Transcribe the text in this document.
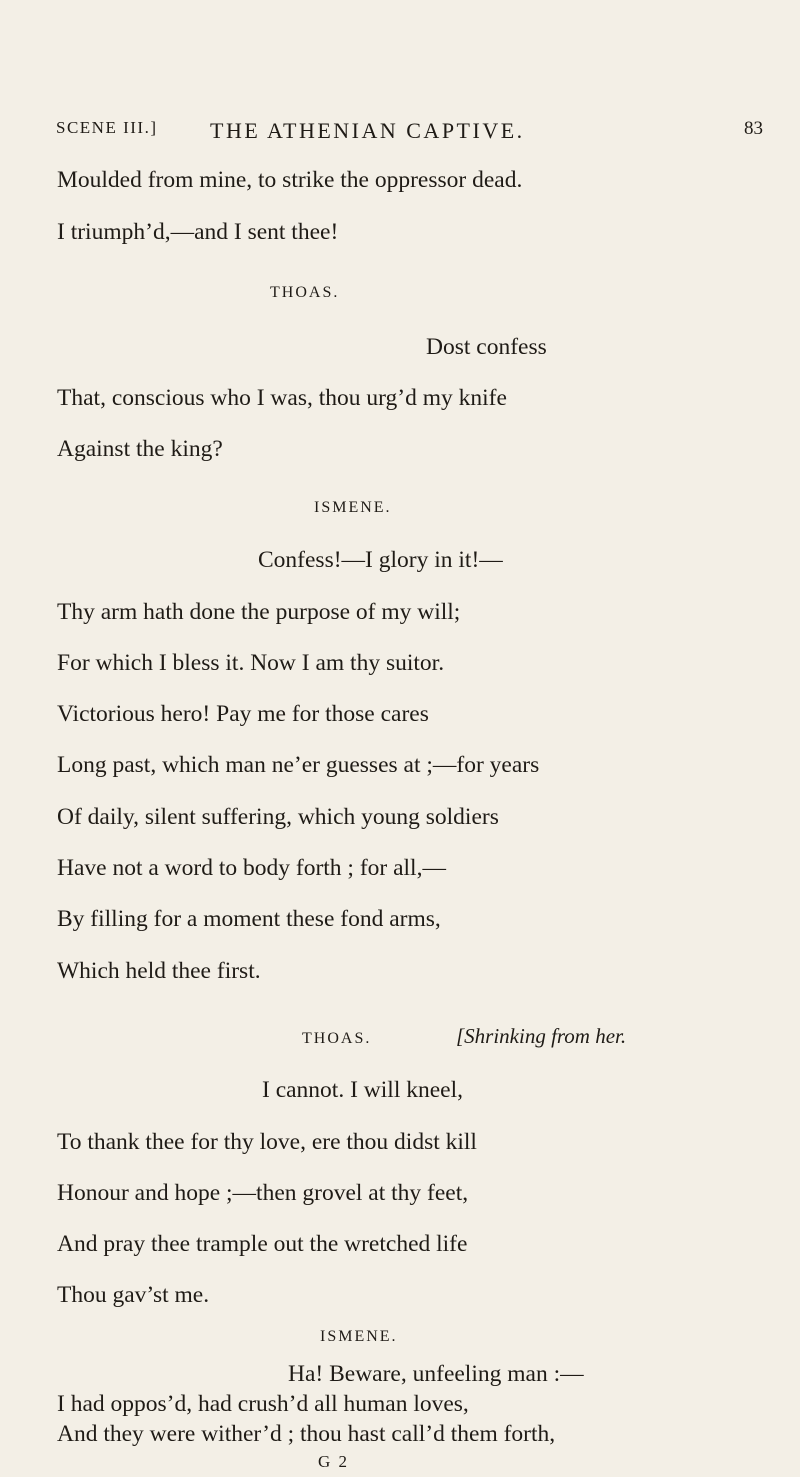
SCENE III.] THE ATHENIAN CAPTIVE.	83
Moulded from mine, to strike the oppressor dead.
I triumph’d,—and I sent thee!
THOAS.
Dost confess
That, conscious who I was, thou urg’d my knife
Against the king?
ISMENE.
Confess!—I glory in it!—
Thy arm hath done the purpose of my will;
For which I bless it. Now I am thy suitor.
Victorious hero! Pay me for those cares
Long past, which man ne’er guesses at ;—for years
Of daily, silent suffering, which young soldiers
Have not a word to body forth ; for all,—
By filling for a moment these fond arms,
Which held thee first.
THOAS.	[Shrinking from her.
I cannot. I will kneel,
To thank thee for thy love, ere thou didst kill
Honour and hope ;—then grovel at thy feet,
And pray thee trample out the wretched life
Thou gav’st me.
ISMENE.
Ha! Beware, unfeeling man :—
I had oppos’d, had crush’d all human loves,
And they were wither’d ; thou hast call’d them forth,
G 2
